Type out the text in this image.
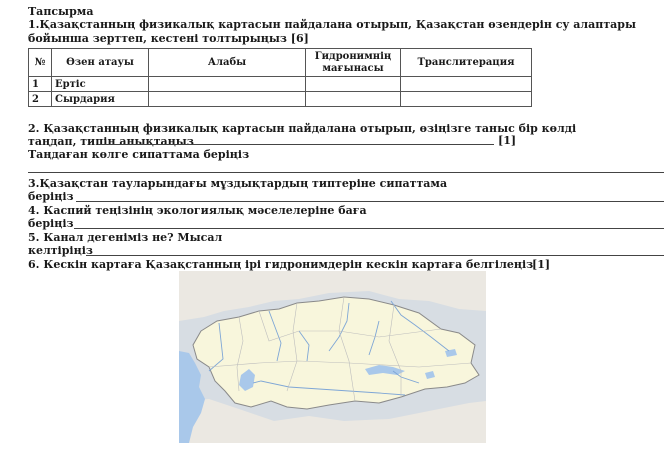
Тапсырма
1.Қазақстанның физикалық картасын пайдалана отырып, Қазақстан өзендерін су алаптары бойынша зерттеп, кестені толтырыңыз [6]
№	Өзен атауы	Алабы	Гидронимнің мағынасы	Транслитерация
1	Ертіс			
2	Сырдария			
2. Қазақстанның физикалық картасын пайдалана отырып, өзіңізге таныс бір көлді таңдап, типін анықтаңыз	[1]
Таңдаған көлге сипаттама беріңіз
3.Қазақстан тауларындағы мұздықтардың типтеріне сипаттама
беріңіз
4. Каспий теңізінің экологиялық мәселелеріне баға
беріңіз
5. Канал дегеніміз не? Мысал
келтіріңіз
6. Кескін картаға Қазақстанның ірі гидронимдерін кескін картаға белгілеңіз
[1]
